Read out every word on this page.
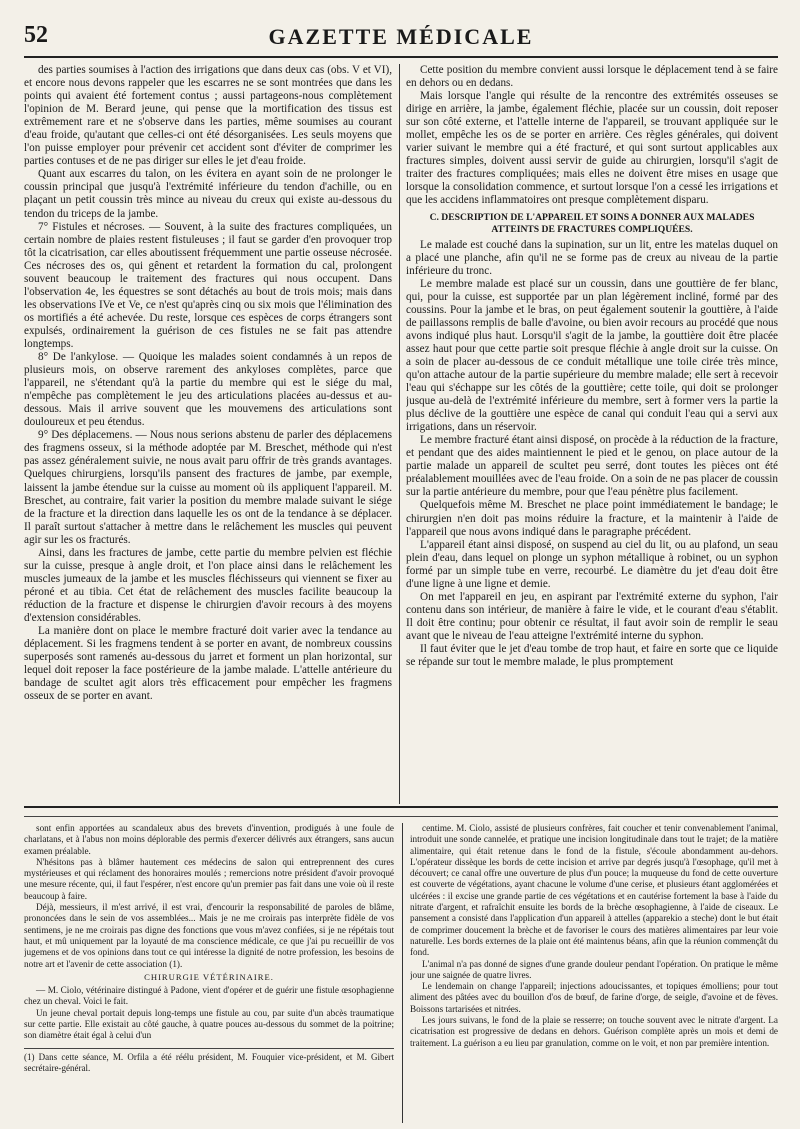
52	GAZETTE MÉDICALE

des parties soumises à l'action des irrigations que dans deux cas (obs. V et VI), et encore nous devons rappeler que les escarres ne se sont montrées que dans les points qui avaient été fortement contus ; aussi partageons-nous complètement l'opinion de M. Berard jeune, qui pense que la mortification des tissus est extrêmement rare et ne s'observe dans les parties, même soumises au courant d'eau froide, qu'autant que celles-ci ont été désorganisées. Les seuls moyens que l'on puisse employer pour prévenir cet accident sont d'éviter de comprimer les parties contuses et de ne pas diriger sur elles le jet d'eau froide.

Quant aux escarres du talon, on les évitera en ayant soin de ne prolonger le coussin principal que jusqu'à l'extrémité inférieure du tendon d'achille, ou en plaçant un petit coussin très mince au niveau du creux qui existe au-dessous du tendon du triceps de la jambe.

7° Fistules et nécroses. — Souvent, à la suite des fractures compliquées, un certain nombre de plaies restent fistuleuses ; il faut se garder d'en provoquer trop tôt la cicatrisation, car elles aboutissent fréquemment une partie osseuse nécrosée. Ces nécroses des os, qui gênent et retardent la formation du cal, prolongent souvent beaucoup le traitement des fractures qui nous occupent. Dans l'observation 4e, les équestres se sont détachés au bout de trois mois; mais dans les observations IVe et Ve, ce n'est qu'après cinq ou six mois que l'élimination des os mortifiés a été achevée. Du reste, lorsque ces espèces de corps étrangers sont expulsés, ordinairement la guérison de ces fistules ne se fait pas attendre longtemps.

8° De l'ankylose. — Quoique les malades soient condamnés à un repos de plusieurs mois, on observe rarement des ankyloses complètes, parce que l'appareil, ne s'étendant qu'à la partie du membre qui est le siége du mal, n'empêche pas complètement le jeu des articulations placées au-dessus et au-dessous. Mais il arrive souvent que les mouvemens des articulations sont douloureux et peu étendus.

9° Des déplacemens. — Nous nous serions abstenu de parler des déplacemens des fragmens osseux, si la méthode adoptée par M. Breschet, méthode qui n'est pas assez généralement suivie, ne nous avait paru offrir de très grands avantages. Quelques chirurgiens, lorsqu'ils pansent des fractures de jambe, par exemple, laissent la jambe étendue sur la cuisse au moment où ils appliquent l'appareil. M. Breschet, au contraire, fait varier la position du membre malade suivant le siége de la fracture et la direction dans laquelle les os ont de la tendance à se déplacer. Il paraît surtout s'attacher à mettre dans le relâchement les muscles qui peuvent agir sur les os fracturés.

Ainsi, dans les fractures de jambe, cette partie du membre pelvien est fléchie sur la cuisse, presque à angle droit, et l'on place ainsi dans le relâchement les muscles jumeaux de la jambe et les muscles fléchisseurs qui viennent se fixer au péroné et au tibia. Cet état de relâchement des muscles facilite beaucoup la réduction de la fracture et dispense le chirurgien d'avoir recours à des moyens d'extension considérables.

La manière dont on place le membre fracturé doit varier avec la tendance au déplacement. Si les fragmens tendent à se porter en avant, de nombreux coussins superposés sont ramenés au-dessous du jarret et forment un plan horizontal, sur lequel doit reposer la face postérieure de la jambe malade. L'attelle antérieure du bandage de scultet agit alors très efficacement pour empêcher les fragmens osseux de se porter en avant.

Cette position du membre convient aussi lorsque le déplacement tend à se faire en dehors ou en dedans.

Mais lorsque l'angle qui résulte de la rencontre des extrémités osseuses se dirige en arrière, la jambe, également fléchie, placée sur un coussin, doit reposer sur son côté externe, et l'attelle interne de l'appareil, se trouvant appliquée sur le mollet, empêche les os de se porter en arrière. Ces règles générales, qui doivent varier suivant le membre qui a été fracturé, et qui sont surtout applicables aux fractures simples, doivent aussi servir de guide au chirurgien, lorsqu'il s'agit de traiter des fractures compliquées; mais elles ne doivent être mises en usage que lorsque la consolidation commence, et surtout lorsque l'on a cessé les irrigations et que les accidens inflammatoires ont presque complètement disparu.

C. DESCRIPTION DE L'APPAREIL ET SOINS A DONNER AUX MALADES ATTEINTS DE FRACTURES COMPLIQUÉES.

Le malade est couché dans la supination, sur un lit, entre les matelas duquel on a placé une planche, afin qu'il ne se forme pas de creux au niveau de la partie inférieure du tronc.

Le membre malade est placé sur un coussin, dans une gouttière de fer blanc, qui, pour la cuisse, est supportée par un plan légèrement incliné, formé par des coussins. Pour la jambe et le bras, on peut également soutenir la gouttière, à l'aide de paillassons remplis de balle d'avoine, ou bien avoir recours au procédé que nous avons indiqué plus haut. Lorsqu'il s'agit de la jambe, la gouttière doit être placée assez haut pour que cette partie soit presque fléchie à angle droit sur la cuisse. On a soin de placer au-dessous de ce conduit métallique une toile cirée très mince, qu'on attache autour de la partie supérieure du membre malade; elle sert à recevoir l'eau qui s'échappe sur les côtés de la gouttière; cette toile, qui doit se prolonger jusque au-delà de l'extrémité inférieure du membre, sert à former vers la partie la plus déclive de la gouttière une espèce de canal qui conduit l'eau qui a servi aux irrigations, dans un réservoir.

Le membre fracturé étant ainsi disposé, on procède à la réduction de la fracture, et pendant que des aides maintiennent le pied et le genou, on place autour de la partie malade un appareil de scultet peu serré, dont toutes les pièces ont été préalablement mouillées avec de l'eau froide. On a soin de ne pas placer de coussin sur la partie antérieure du membre, pour que l'eau pénètre plus facilement.

Quelquefois même M. Breschet ne place point immédiatement le bandage; le chirurgien n'en doit pas moins réduire la fracture, et la maintenir à l'aide de l'appareil que nous avons indiqué dans le paragraphe précédent.

L'appareil étant ainsi disposé, on suspend au ciel du lit, ou au plafond, un seau plein d'eau, dans lequel on plonge un syphon métallique à robinet, ou un syphon formé par un simple tube en verre, recourbé. Le diamètre du jet d'eau doit être d'une ligne à une ligne et demie.

On met l'appareil en jeu, en aspirant par l'extrémité externe du syphon, l'air contenu dans son intérieur, de manière à faire le vide, et le courant d'eau s'établit. Il doit être continu; pour obtenir ce résultat, il faut avoir soin de remplir le seau avant que le niveau de l'eau atteigne l'extrémité interne du syphon.

Il faut éviter que le jet d'eau tombe de trop haut, et faire en sorte que ce liquide se répande sur tout le membre malade, le plus promptement

sont enfin apportées au scandaleux abus des brevets d'invention, prodigués à une foule de charlatans, et à l'abus non moins déplorable des permis d'exercer délivrés aux étrangers, sans aucun examen préalable.

N'hésitons pas à blâmer hautement ces médecins de salon qui entreprennent des cures mystérieuses et qui réclament des honoraires moulés ; remercions notre président d'avoir provoqué une mesure récente, qui, il faut l'espérer, n'est encore qu'un premier pas fait dans une voie où il reste beaucoup à faire.

Déjà, messieurs, il m'est arrivé, il est vrai, d'encourir la responsabilité de paroles de blâme, prononcées dans le sein de vos assemblées... Mais je ne me croirais pas interprète fidèle de vos sentimens, je ne me croirais pas digne des fonctions que vous m'avez confiées, si je ne répétais tout haut, et mû uniquement par la loyauté de ma conscience médicale, ce que j'ai pu recueillir de vos jugemens et de vos opinions dans tout ce qui intéresse la dignité de notre profession, les besoins de notre art et l'avenir de cette association (1).

CHIRURGIE VÉTÉRINAIRE.

— M. Ciolo, vétérinaire distingué à Padone, vient d'opérer et de guérir une fistule œsophagienne chez un cheval. Voici le fait.

Un jeune cheval portait depuis long-temps une fistule au cou, par suite d'un abcès traumatique sur cette partie. Elle existait au côté gauche, à quatre pouces au-dessous du sommet de la poitrine; son diamètre était égal à celui d'un

(1) Dans cette séance, M. Orfila a été réélu président, M. Fouquier vice-président, et M. Gibert secrétaire-général.

centime. M. Ciolo, assisté de plusieurs confrères, fait coucher et tenir convenablement l'animal, introduit une sonde cannelée, et pratique une incision longitudinale dans tout le trajet; de la matière alimentaire, qui était retenue dans le fond de la fistule, s'écoule abondamment au-dehors. L'opérateur dissèque les bords de cette incision et arrive par degrés jusqu'à l'œsophage, qu'il met à découvert; ce canal offre une ouverture de plus d'un pouce; la muqueuse du fond de cette ouverture est couverte de végétations, ayant chacune le volume d'une cerise, et plusieurs étant agglomérées et ulcérées : il excise une grande partie de ces végétations et en cautérise fortement la base à l'aide du nitrate d'argent, et rafraîchit ensuite les bords de la brèche œsophagienne, à l'aide de ciseaux. Le pansement a consisté dans l'application d'un appareil à attelles (apparekio a steche) dont le but était de comprimer doucement la brèche et de favoriser le cours des matières alimentaires par leur voie naturelle. Les bords externes de la plaie ont été maintenus béans, afin que la réunion commençât du fond.

L'animal n'a pas donné de signes d'une grande douleur pendant l'opération. On pratique le même jour une saignée de quatre livres.

Le lendemain on change l'appareil; injections adoucissantes, et topiques émolliens; pour tout aliment des pâtées avec du bouillon d'os de bœuf, de farine d'orge, de seigle, d'avoine et de fèves. Boissons tartarisées et nitrées.

Les jours suivans, le fond de la plaie se resserre; on touche souvent avec le nitrate d'argent. La cicatrisation est progressive de dedans en dehors. Guérison complète après un mois et demi de traitement. La guérison a eu lieu par granulation, comme on le voit, et non par première intention.
